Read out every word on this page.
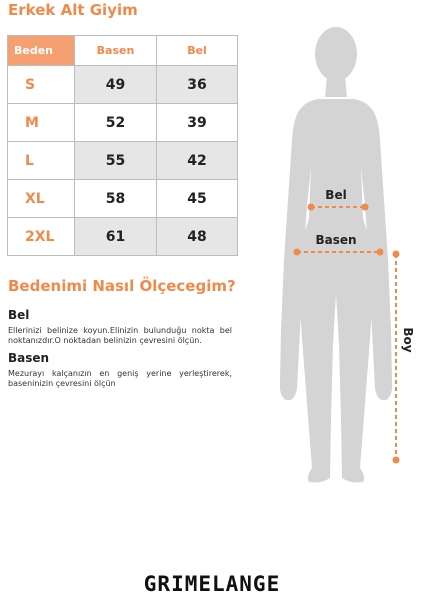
Erkek Alt Giyim
Beden	Basen	Bel
S	49	36
M	52	39
L	55	42
XL	58	45
2XL	61	48
Bedenimi Nasıl Ölçecegim?
Bel
Ellerinizi belinize koyun.Elinizin bulunduğu nokta bel noktanızdır.O noktadan belinizin çevresini ölçün.
Basen
Mezurayı kalçanızın en geniş yerine yerleştirerek, baseninizin çevresini ölçün
Bel
Basen
Boy
GRIMELANGE
